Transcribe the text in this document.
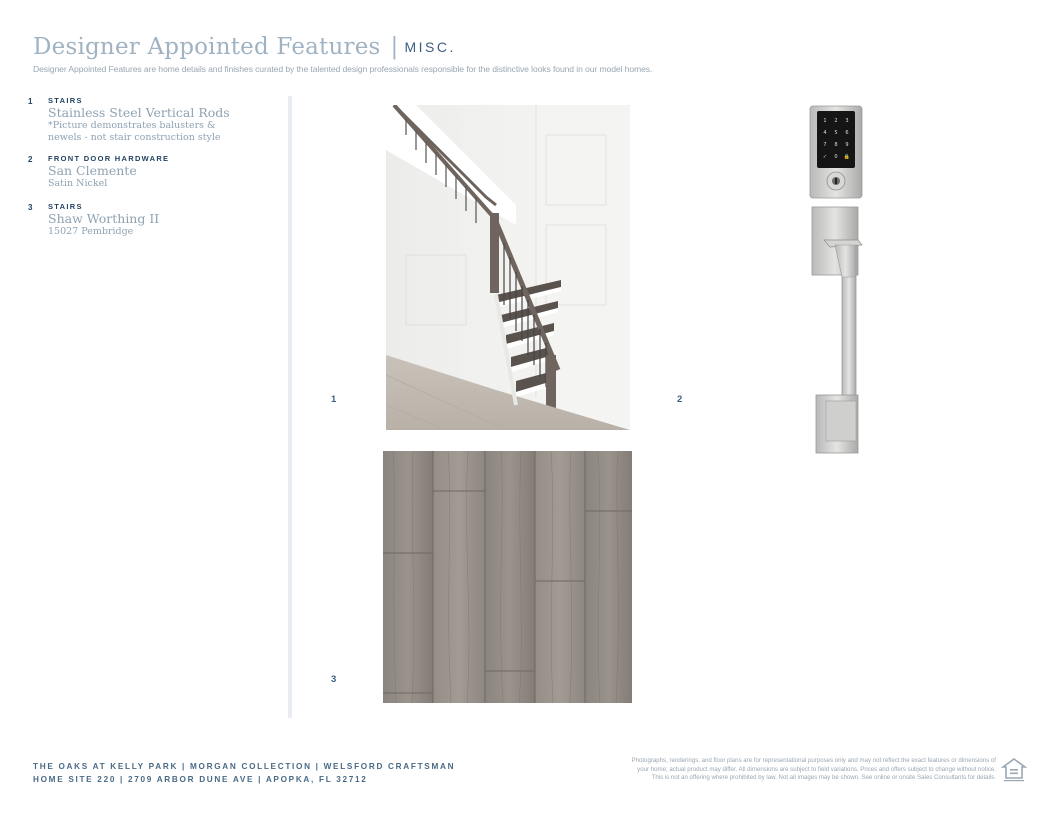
Designer Appointed Features | MISC.
Designer Appointed Features are home details and finishes curated by the talented design professionals responsible for the distinctive looks found in our model homes.
1	STAIRS
Stainless Steel Vertical Rods
*Picture demonstrates balusters &
newels - not stair construction style
2	FRONT DOOR HARDWARE
San Clemente
Satin Nickel
3	STAIRS
Shaw Worthing II
15027 Pembridge
1	2
3
1 2 3
4 5 6
7 8 9
✓ 0 🔒
THE OAKS AT KELLY PARK | MORGAN COLLECTION | WELSFORD CRAFTSMAN
HOME SITE 220 | 2709 ARBOR DUNE AVE | APOPKA, FL 32712
Photographs, renderings, and floor plans are for representational purposes only and may not reflect the exact features or dimensions of
your home; actual product may differ. All dimensions are subject to field variations. Prices and offers subject to change without notice.
This is not an offering where prohibited by law. Not all images may be shown. See online or onsite Sales Consultants for details.
